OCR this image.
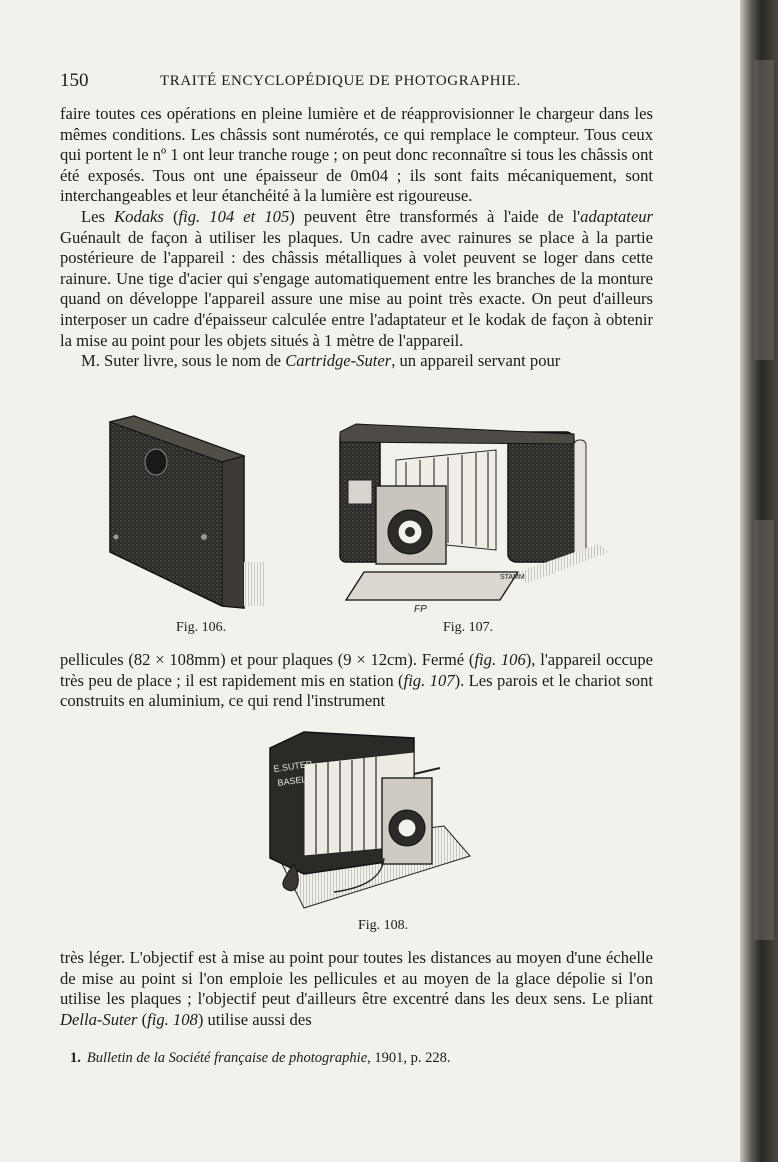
150	TRAITÉ ENCYCLOPÉDIQUE DE PHOTOGRAPHIE.

faire toutes ces opérations en pleine lumière et de réapprovisionner le chargeur dans les mêmes conditions. Les châssis sont numérotés, ce qui remplace le compteur. Tous ceux qui portent le nº 1 ont leur tranche rouge ; on peut donc reconnaître si tous les châssis ont été exposés. Tous ont une épaisseur de 0m04 ; ils sont faits mécaniquement, sont interchangeables et leur étanchéité à la lumière est rigoureuse.

Les Kodaks (fig. 104 et 105) peuvent être transformés à l'aide de l'adaptateur Guénault de façon à utiliser les plaques. Un cadre avec rainures se place à la partie postérieure de l'appareil : des châssis métalliques à volet peuvent se loger dans cette rainure. Une tige d'acier qui s'engage automatiquement entre les branches de la monture quand on développe l'appareil assure une mise au point très exacte. On peut d'ailleurs interposer un cadre d'épaisseur calculée entre l'adaptateur et le kodak de façon à obtenir la mise au point pour les objets situés à 1 mètre de l'appareil.

M. Suter livre, sous le nom de Cartridge-Suter, un appareil servant pour

Fig. 106.
STAMM
FP
Fig. 107.

pellicules (82 × 108mm) et pour plaques (9 × 12cm). Fermé (fig. 106), l'appareil occupe très peu de place ; il est rapidement mis en station (fig. 107). Les parois et le chariot sont construits en aluminium, ce qui rend l'instrument

E.SUTER
BASEL
Fig. 108.

très léger. L'objectif est à mise au point pour toutes les distances au moyen d'une échelle de mise au point si l'on emploie les pellicules et au moyen de la glace dépolie si l'on utilise les plaques ; l'objectif peut d'ailleurs être excentré dans les deux sens. Le pliant Della-Suter (fig. 108) utilise aussi des

1. Bulletin de la Société française de photographie, 1901, p. 228.
